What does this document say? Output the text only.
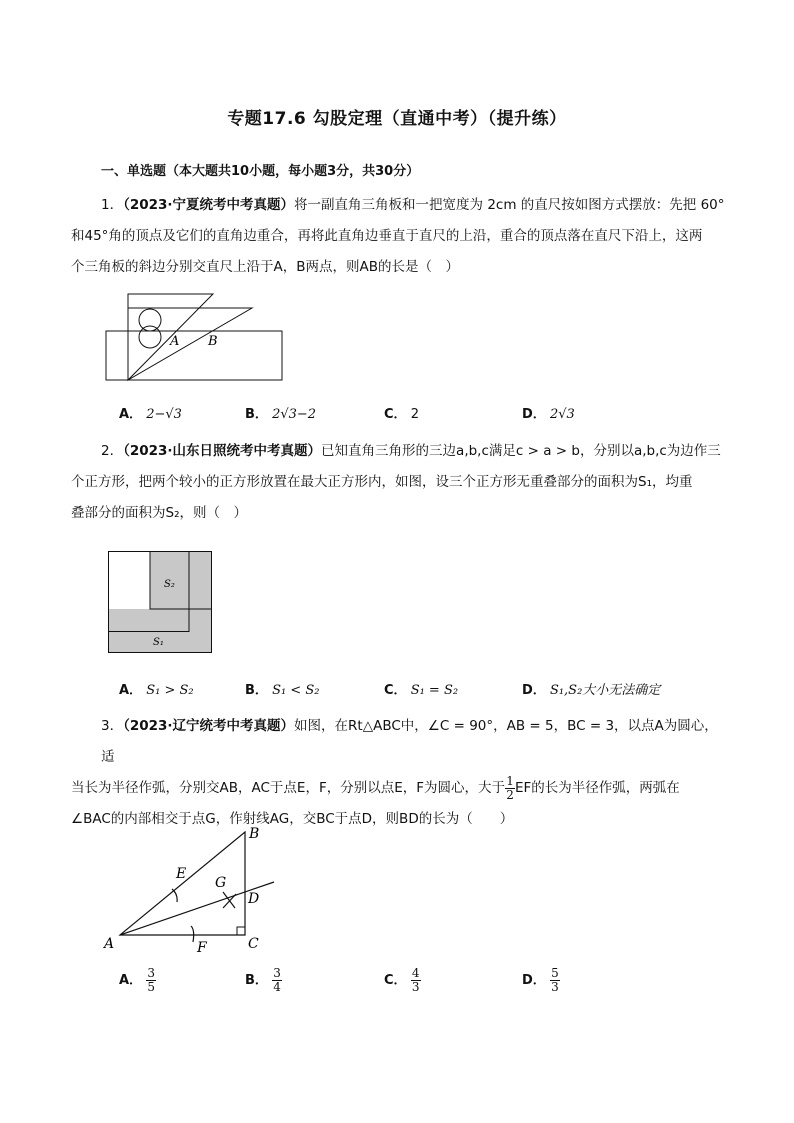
专题17.6 勾股定理（直通中考）（提升练）
一、单选题（本大题共10小题，每小题3分，共30分）
1．（2023·宁夏统考中考真题）将一副直角三角板和一把宽度为 2cm 的直尺按如图方式摆放：先把 60°
和45°角的顶点及它们的直角边重合，再将此直角边垂直于直尺的上沿，重合的顶点落在直尺下沿上，这两
个三角板的斜边分别交直尺上沿于A，B两点，则AB的长是（　）
A B
A． 2−√3	B． 2√3−2	C． 2	D． 2√3
2．（2023·山东日照统考中考真题）已知直角三角形的三边a,b,c满足c > a > b，分别以a,b,c为边作三
个正方形，把两个较小的正方形放置在最大正方形内，如图，设三个正方形无重叠部分的面积为S₁，均重
叠部分的面积为S₂，则（　）
S₂
S₁
A． S₁ > S₂	B． S₁ < S₂	C． S₁ = S₂	D． S₁,S₂大小无法确定
3．（2023·辽宁统考中考真题）如图，在Rt△ABC中，∠C = 90°，AB = 5，BC = 3，以点A为圆心，适
当长为半径作弧，分别交AB，AC于点E，F，分别以点E，F为圆心，大于 $\frac{1}{2}$ EF的长为半径作弧，两弧在
∠BAC的内部相交于点G，作射线AG，交BC于点D，则BD的长为（　　）
B
A	C
D
E
F
G
A． $\frac{3}{5}$	B． $\frac{3}{4}$	C． $\frac{4}{3}$	D． $\frac{5}{3}$
